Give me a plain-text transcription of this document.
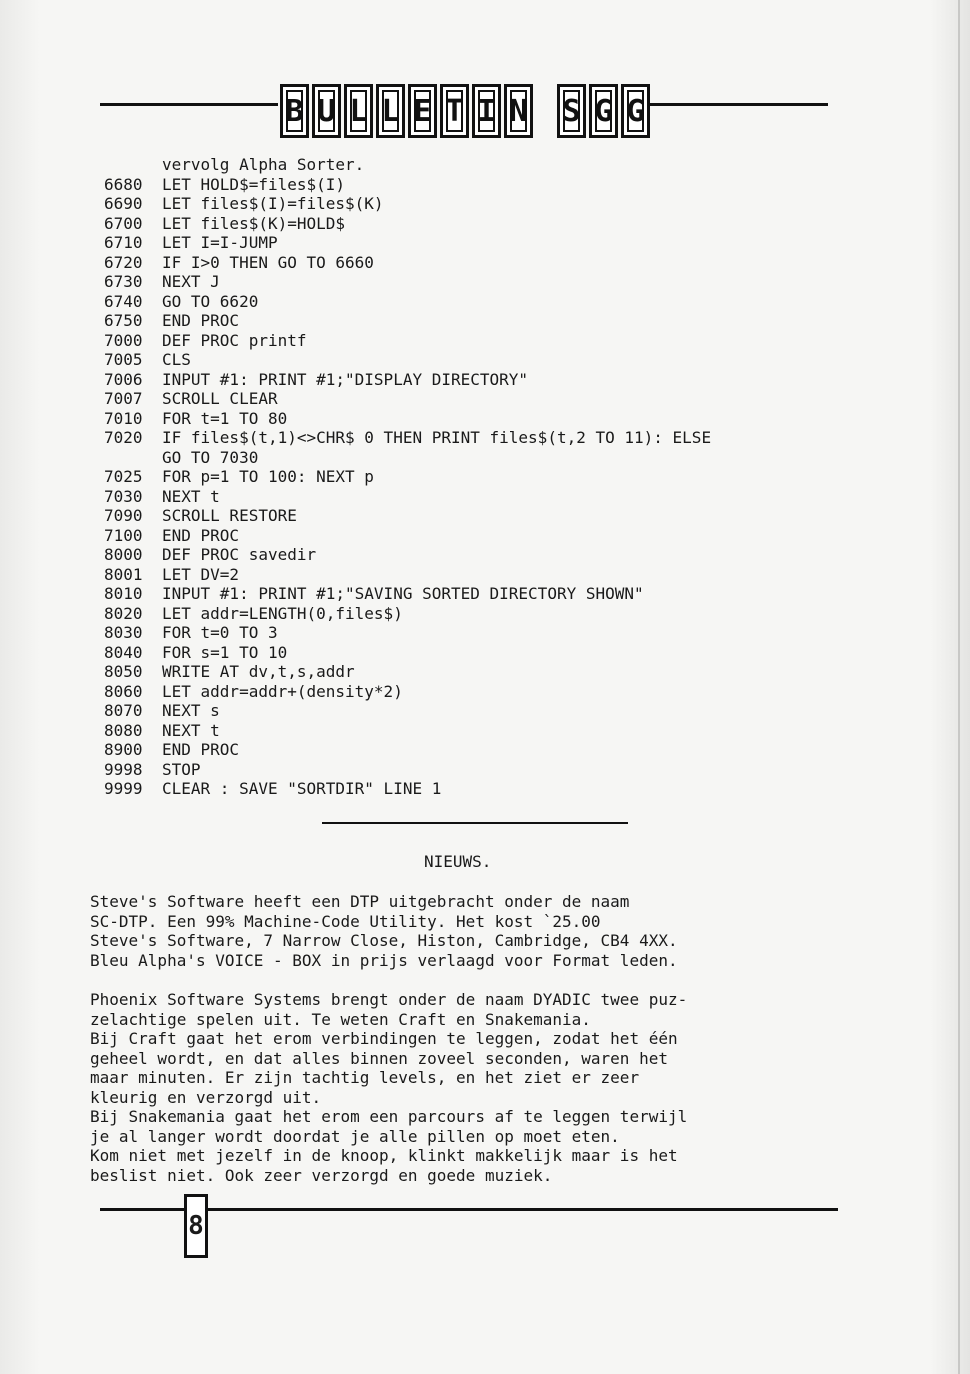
B U L L E T I N S G G
vervolg Alpha Sorter.
6680	LET HOLD$=files$(I)
6690	LET files$(I)=files$(K)
6700	LET files$(K)=HOLD$
6710	LET I=I-JUMP
6720	IF I>0 THEN GO TO 6660
6730	NEXT J
6740	GO TO 6620
6750	END PROC
7000	DEF PROC printf
7005	CLS
7006	INPUT #1: PRINT #1;"DISPLAY DIRECTORY"
7007	SCROLL CLEAR
7010	FOR t=1 TO 80
7020	IF files$(t,1)<>CHR$ 0 THEN PRINT files$(t,2 TO 11): ELSE
GO TO 7030
7025	FOR p=1 TO 100: NEXT p
7030	NEXT t
7090	SCROLL RESTORE
7100	END PROC
8000	DEF PROC savedir
8001	LET DV=2
8010	INPUT #1: PRINT #1;"SAVING SORTED DIRECTORY SHOWN"
8020	LET addr=LENGTH(0,files$)
8030	FOR t=0 TO 3
8040	FOR s=1 TO 10
8050	WRITE AT dv,t,s,addr
8060	LET addr=addr+(density*2)
8070	NEXT s
8080	NEXT t
8900	END PROC
9998	STOP
9999	CLEAR : SAVE "SORTDIR" LINE 1
NIEUWS.
Steve's Software heeft een DTP uitgebracht onder de naam
SC-DTP. Een 99% Machine-Code Utility. Het kost `25.00
Steve's Software, 7 Narrow Close, Histon, Cambridge, CB4 4XX.
Bleu Alpha's VOICE - BOX in prijs verlaagd voor Format leden.
Phoenix Software Systems brengt onder de naam DYADIC twee puz-
zelachtige spelen uit. Te weten Craft en Snakemania.
Bij Craft gaat het erom verbindingen te leggen, zodat het één
geheel wordt, en dat alles binnen zoveel seconden, waren het
maar minuten. Er zijn tachtig levels, en het ziet er zeer
kleurig en verzorgd uit.
Bij Snakemania gaat het erom een parcours af te leggen terwijl
je al langer wordt doordat je alle pillen op moet eten.
Kom niet met jezelf in de knoop, klinkt makkelijk maar is het
beslist niet. Ook zeer verzorgd en goede muziek.
8
